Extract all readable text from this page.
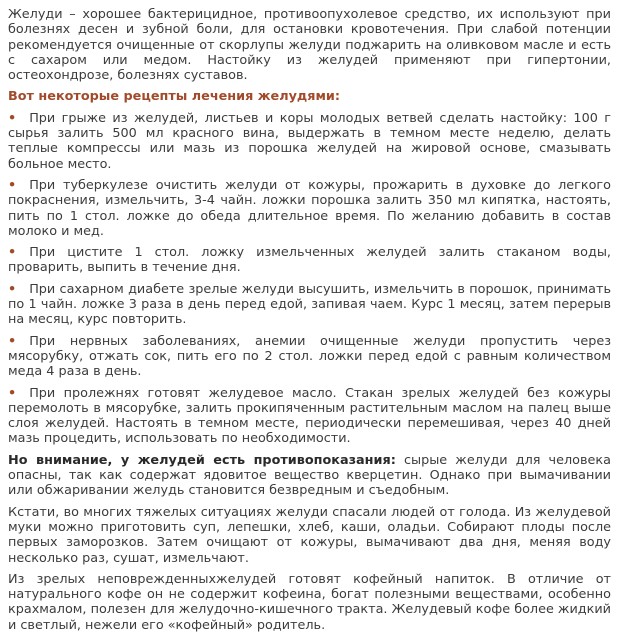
Желуди – хорошее бактерицидное, противоопухолевое средство, их используют при болезнях десен и зубной боли, для остановки кровотечения. При слабой потенции рекомендуется очищенные от скорлупы желуди поджарить на оливковом масле и есть с сахаром или медом. Настойку из желудей применяют при гипертонии, остеохондрозе, болезнях суставов.

Вот некоторые рецепты лечения желудями:

• При грыже из желудей, листьев и коры молодых ветвей сделать настойку: 100 г сырья залить 500 мл красного вина, выдержать в темном месте неделю, делать теплые компрессы или мазь из порошка желудей на жировой основе, смазывать больное место.

• При туберкулезе очистить желуди от кожуры, прожарить в духовке до легкого покраснения, измельчить, 3-4 чайн. ложки порошка залить 350 мл кипятка, настоять, пить по 1 стол. ложке до обеда длительное время. По желанию добавить в состав молоко и мед.

• При цистите 1 стол. ложку измельченных желудей залить стаканом воды, проварить, выпить в течение дня.

• При сахарном диабете зрелые желуди высушить, измельчить в порошок, принимать по 1 чайн. ложке 3 раза в день перед едой, запивая чаем. Курс 1 месяц, затем перерыв на месяц, курс повторить.

• При нервных заболеваниях, анемии очищенные желуди пропустить через мясорубку, отжать сок, пить его по 2 стол. ложки перед едой с равным количеством меда 4 раза в день.

• При пролежнях готовят желудевое масло. Стакан зрелых желудей без кожуры перемолоть в мясорубке, залить прокипяченным растительным маслом на палец выше слоя желудей. Настоять в темном месте, периодически перемешивая, через 40 дней мазь процедить, использовать по необходимости.

Но внимание, у желудей есть противопоказания: сырые желуди для человека опасны, так как содержат ядовитое вещество кверцетин. Однако при вымачивании или обжаривании желудь становится безвредным и съедобным.

Кстати, во многих тяжелых ситуациях желуди спасали людей от голода. Из желудевой муки можно приготовить суп, лепешки, хлеб, каши, оладьи. Собирают плоды после первых заморозков. Затем очищают от кожуры, вымачивают два дня, меняя воду несколько раз, сушат, измельчают.

Из зрелых неповрежденныхжелудей готовят кофейный напиток. В отличие от натурального кофе он не содержит кофеина, богат полезными веществами, особенно крахмалом, полезен для желудочно-кишечного тракта. Желудевый кофе более жидкий и светлый, нежели его «кофейный» родитель.
